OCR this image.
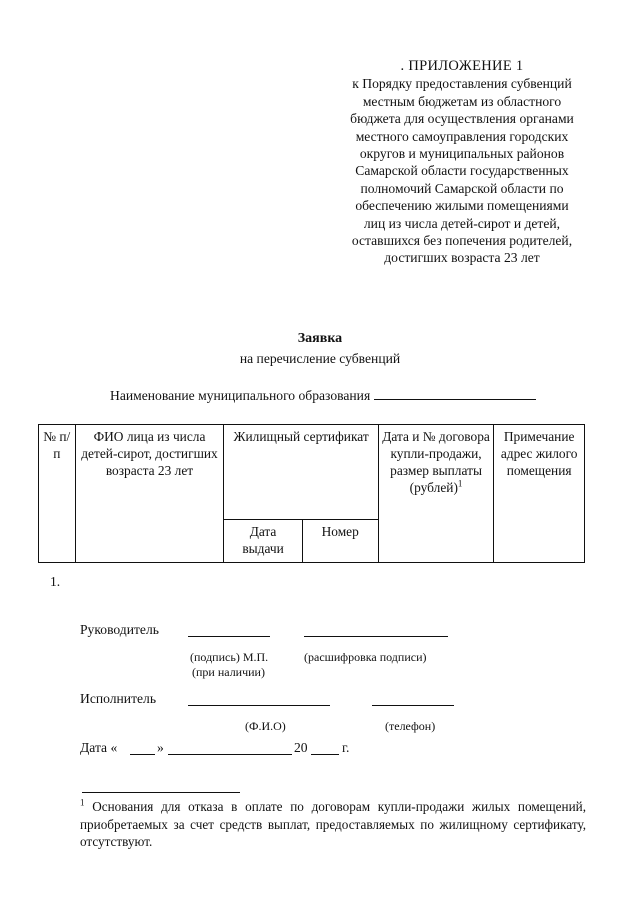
. ПРИЛОЖЕНИЕ 1
к Порядку предоставления субвенций
местным бюджетам из областного
бюджета для осуществления органами
местного самоуправления городских
округов и муниципальных районов
Самарской области государственных
полномочий Самарской области по
обеспечению жилыми помещениями
лиц из числа детей-сирот и детей,
оставшихся без попечения родителей,
достигших возраста 23 лет
Заявка
на перечисление субвенций
Наименование муниципального образования
№ п/п	ФИО лица из числа детей-сирот, достигших возраста 23 лет	Жилищный сертификат		Дата и № договора купли-продажи, размер выплаты (рублей)$^1$	Примечание адрес жилого помещения
		Дата выдачи	Номер		
1.
Руководитель
(подпись) М.П.
(при наличии)
(расшифровка подписи)
Исполнитель
(Ф.И.О)	(телефон)
Дата «	»	20	г.
$^1$ Основания для отказа в оплате по договорам купли-продажи жилых помещений, приобретаемых за счет средств выплат, предоставляемых по жилищному сертификату, отсутствуют.
